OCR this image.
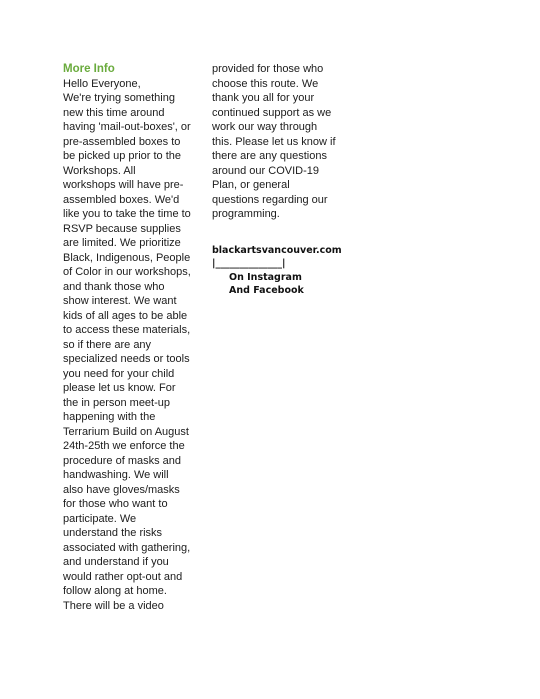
More Info
Hello Everyone,

We're trying something new this time around having 'mail-out-boxes', or pre-assembled boxes to be picked up prior to the Workshops. All workshops will have pre-assembled boxes. We'd like you to take the time to RSVP because supplies are limited. We prioritize Black, Indigenous, People of Color in our workshops, and thank those who show interest. We want kids of all ages to be able to access these materials, so if there are any specialized needs or tools you need for your child please let us know. For the in person meet-up happening with the Terrarium Build on August 24th-25th we enforce the procedure of masks and handwashing. We will also have gloves/masks for those who want to participate. We understand the risks associated with gathering, and understand if you would rather opt-out and follow along at home. There will be a video

provided for those who choose this route. We thank you all for your continued support as we work our way through this. Please let us know if there are any questions around our COVID-19 Plan, or general questions regarding our programming.

blackartsvancouver.com
|______________|
On Instagram
And Facebook
